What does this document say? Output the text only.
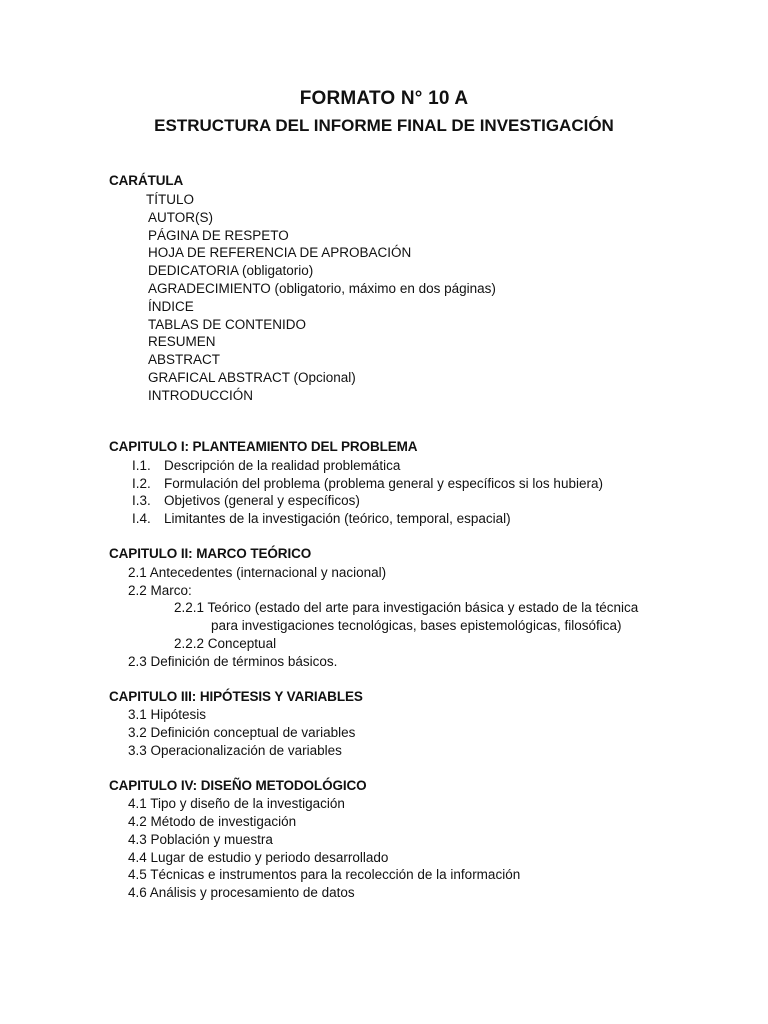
FORMATO N° 10 A
ESTRUCTURA DEL INFORME FINAL DE INVESTIGACIÓN
CARÁTULA
TÍTULO
AUTOR(S)
PÁGINA DE RESPETO
HOJA DE REFERENCIA DE APROBACIÓN
DEDICATORIA (obligatorio)
AGRADECIMIENTO (obligatorio, máximo en dos páginas)
ÍNDICE
TABLAS DE CONTENIDO
RESUMEN
ABSTRACT
GRAFICAL ABSTRACT (Opcional)
INTRODUCCIÓN
CAPITULO I: PLANTEAMIENTO DEL PROBLEMA
I.1. Descripción de la realidad problemática
I.2. Formulación del problema (problema general y específicos si los hubiera)
I.3. Objetivos (general y específicos)
I.4. Limitantes de la investigación (teórico, temporal, espacial)
CAPITULO II: MARCO TEÓRICO
2.1 Antecedentes (internacional y nacional)
2.2 Marco:
2.2.1 Teórico (estado del arte para investigación básica y estado de la técnica
para investigaciones tecnológicas, bases epistemológicas, filosófica)
2.2.2 Conceptual
2.3 Definición de términos básicos.
CAPITULO III: HIPÓTESIS Y VARIABLES
3.1 Hipótesis
3.2 Definición conceptual de variables
3.3 Operacionalización de variables
CAPITULO IV: DISEÑO METODOLÓGICO
4.1 Tipo y diseño de la investigación
4.2 Método de investigación
4.3 Población y muestra
4.4 Lugar de estudio y periodo desarrollado
4.5 Técnicas e instrumentos para la recolección de la información
4.6 Análisis y procesamiento de datos
